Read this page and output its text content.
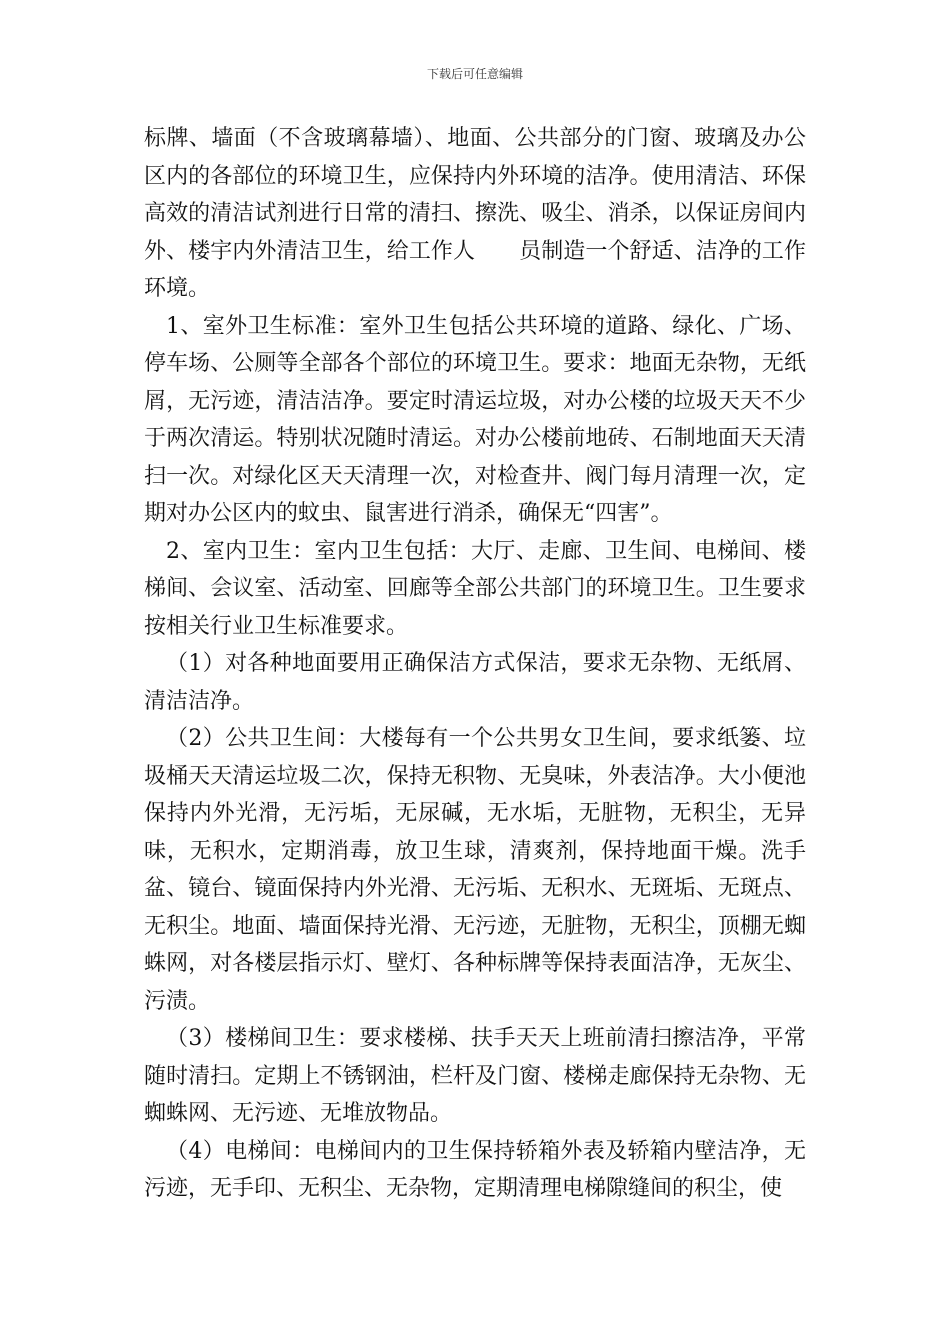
下载后可任意编辑

标牌、墙面（不含玻璃幕墙）、地面、公共部分的门窗、玻璃及办公区内的各部位的环境卫生，应保持内外环境的洁净。使用清洁、环保高效的清洁试剂进行日常的清扫、擦洗、吸尘、消杀，以保证房间内外、楼宇内外清洁卫生，给工作人　　员制造一个舒适、洁净的工作环境。

1、室外卫生标准：室外卫生包括公共环境的道路、绿化、广场、停车场、公厕等全部各个部位的环境卫生。要求：地面无杂物，无纸屑，无污迹，清洁洁净。要定时清运垃圾，对办公楼的垃圾天天不少于两次清运。特别状况随时清运。对办公楼前地砖、石制地面天天清扫一次。对绿化区天天清理一次，对检查井、阀门每月清理一次，定期对办公区内的蚊虫、鼠害进行消杀，确保无“四害”。

2、室内卫生：室内卫生包括：大厅、走廊、卫生间、电梯间、楼梯间、会议室、活动室、回廊等全部公共部门的环境卫生。卫生要求按相关行业卫生标准要求。

（1）对各种地面要用正确保洁方式保洁，要求无杂物、无纸屑、清洁洁净。

（2）公共卫生间：大楼每有一个公共男女卫生间，要求纸篓、垃圾桶天天清运垃圾二次，保持无积物、无臭味，外表洁净。大小便池保持内外光滑，无污垢，无尿碱，无水垢，无脏物，无积尘，无异味，无积水，定期消毒，放卫生球，清爽剂，保持地面干燥。洗手盆、镜台、镜面保持内外光滑、无污垢、无积水、无斑垢、无斑点、无积尘。地面、墙面保持光滑、无污迹，无脏物，无积尘，顶棚无蜘蛛网，对各楼层指示灯、壁灯、各种标牌等保持表面洁净，无灰尘、污渍。

（3）楼梯间卫生：要求楼梯、扶手天天上班前清扫擦洁净，平常随时清扫。定期上不锈钢油，栏杆及门窗、楼梯走廊保持无杂物、无蜘蛛网、无污迹、无堆放物品。

（4）电梯间：电梯间内的卫生保持轿箱外表及轿箱内壁洁净，无污迹，无手印、无积尘、无杂物，定期清理电梯隙缝间的积尘，使
